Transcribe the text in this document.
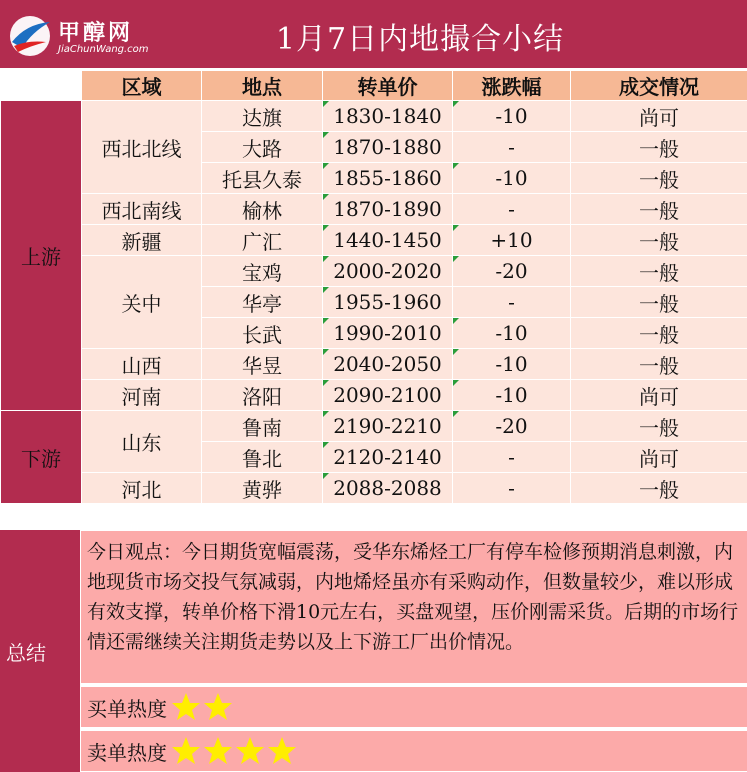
甲醇网
JiaChunWang.com	1月7日内地撮合小结
	区域	地点	转单价	涨跌幅	成交情况
上游	西北北线	达旗	1830-1840	-10	尚可
		大路	1870-1880	-	一般
		托县久泰	1855-1860	-10	一般
	西北南线	榆林	1870-1890	-	一般
	新疆	广汇	1440-1450	+10	一般
	关中	宝鸡	2000-2020	-20	一般
		华亭	1955-1960	-	一般
		长武	1990-2010	-10	一般
	山西	华昱	2040-2050	-10	一般
	河南	洛阳	2090-2100	-10	尚可
下游	山东	鲁南	2190-2210	-20	一般
		鲁北	2120-2140	-	尚可
	河北	黄骅	2088-2088	-	一般
总结
今日观点：今日期货宽幅震荡，受华东烯烃工厂有停车检修预期消息刺激，内地现货市场交投气氛减弱，内地烯烃虽亦有采购动作，但数量较少，难以形成有效支撑，转单价格下滑10元左右，买盘观望，压价刚需采货。后期的市场行情还需继续关注期货走势以及上下游工厂出价情况。
买单热度
卖单热度
